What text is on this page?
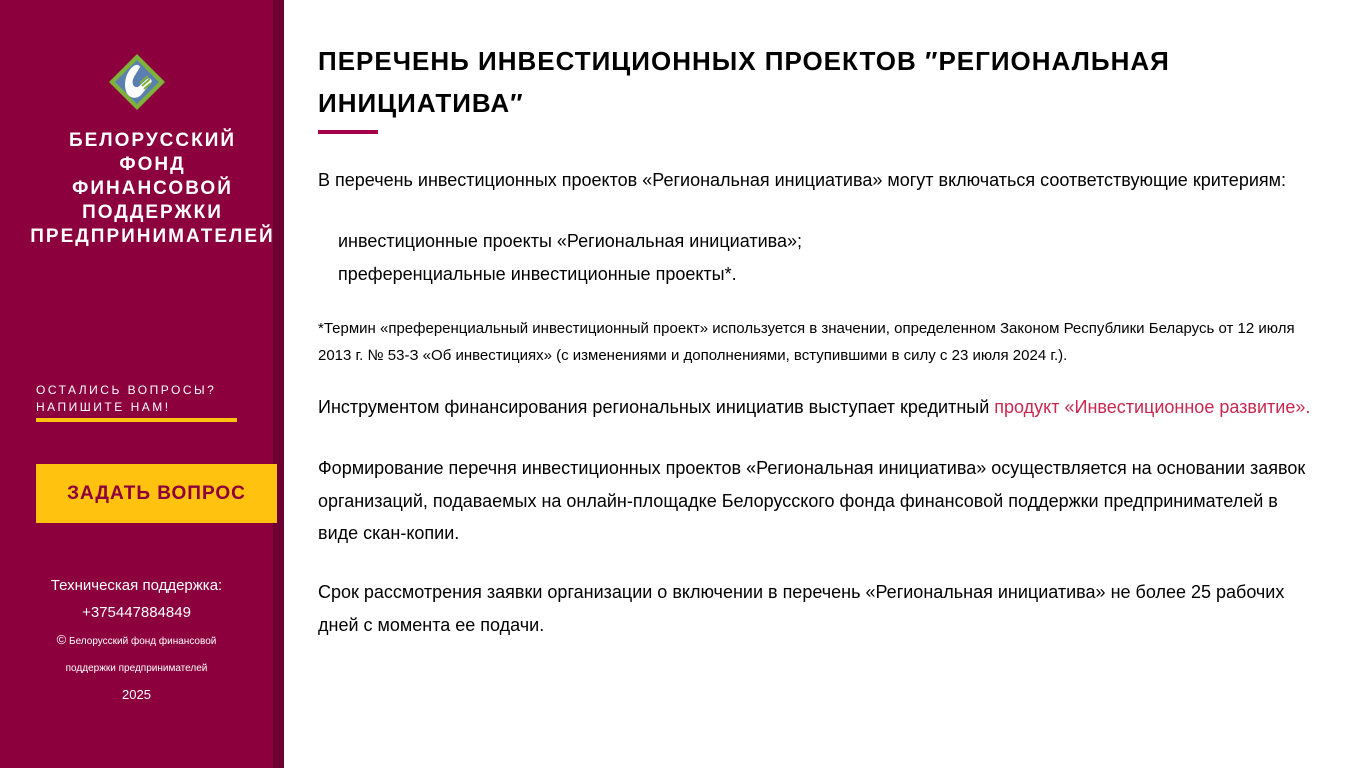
БЕЛОРУССКИЙ
ФОНД
ФИНАНСОВОЙ
ПОДДЕРЖКИ
ПРЕДПРИНИМАТЕЛЕЙ
ОСТАЛИСЬ ВОПРОСЫ?
НАПИШИТЕ НАМ!
ЗАДАТЬ ВОПРОС
Техническая поддержка:
+375447884849
© Белорусский фонд финансовой поддержки предпринимателей
2025
ПЕРЕЧЕНЬ ИНВЕСТИЦИОННЫХ ПРОЕКТОВ ″РЕГИОНАЛЬНАЯ ИНИЦИАТИВА″
В перечень инвестиционных проектов «Региональная инициатива» могут включаться соответствующие критериям:
инвестиционные проекты «Региональная инициатива»;
преференциальные инвестиционные проекты*.
*Термин «преференциальный инвестиционный проект» используется в значении, определенном Законом Республики Беларусь от 12 июля 2013 г. № 53-З «Об инвестициях» (с изменениями и дополнениями, вступившими в силу с 23 июля 2024 г.).
Инструментом финансирования региональных инициатив выступает кредитный продукт «Инвестиционное развитие».
Формирование перечня инвестиционных проектов «Региональная инициатива» осуществляется на основании заявок организаций, подаваемых на онлайн-площадке Белорусского фонда финансовой поддержки предпринимателей в виде скан-копии.
Срок рассмотрения заявки организации о включении в перечень «Региональная инициатива» не более 25 рабочих дней с момента ее подачи.
